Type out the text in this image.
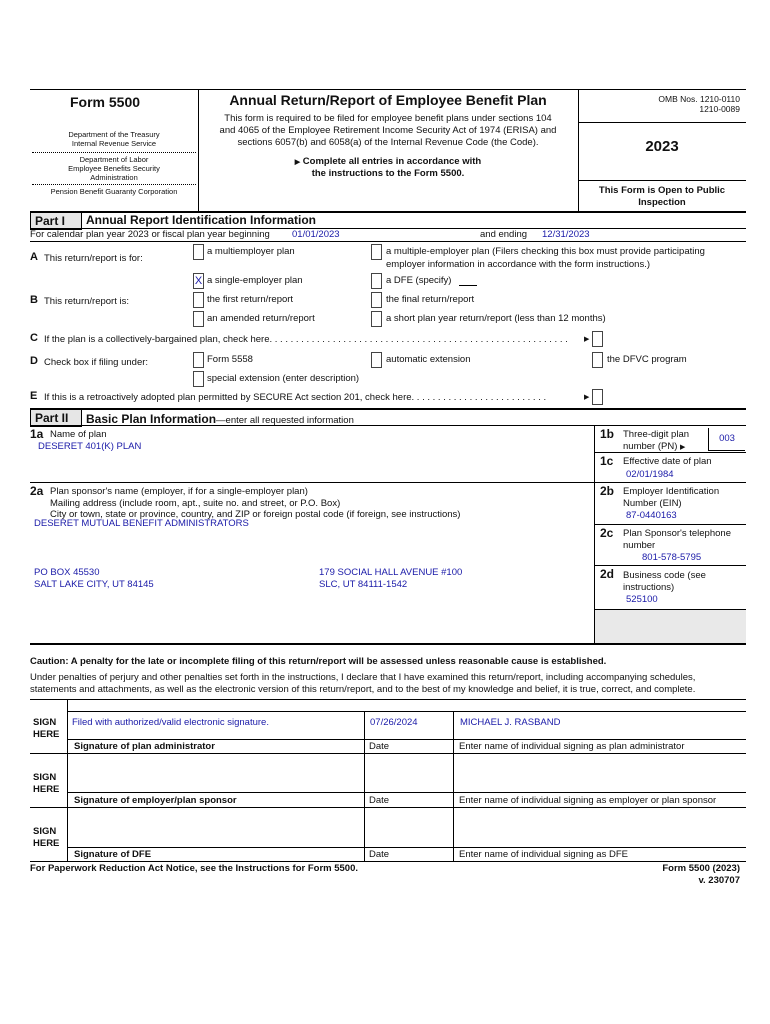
Form 5500
Department of the Treasury
Internal Revenue Service
Department of Labor
Employee Benefits Security
Administration
Pension Benefit Guaranty Corporation
Annual Return/Report of Employee Benefit Plan
This form is required to be filed for employee benefit plans under sections 104
and 4065 of the Employee Retirement Income Security Act of 1974 (ERISA) and
sections 6057(b) and 6058(a) of the Internal Revenue Code (the Code).
▶ Complete all entries in accordance with
the instructions to the Form 5500.
OMB Nos. 1210-0110
1210-0089
2023
This Form is Open to Public
Inspection
Part I	Annual Report Identification Information
For calendar plan year 2023 or fiscal plan year beginning 01/01/2023	and ending 12/31/2023
A This return/report is for:
a multiemployer plan	a multiple-employer plan (Filers checking this box must provide participating
employer information in accordance with the form instructions.)
X a single-employer plan	a DFE (specify)
B This return/report is:	the first return/report	the final return/report
an amended return/report	a short plan year return/report (less than 12 months)
C If the plan is a collectively-bargained plan, check here. . . . . . . . . . . . . . . . . . . . . . . . . . . . . . . . . . . . . . . . . . . . . . . . . . . . . . . . .	▶
D Check box if filing under:	Form 5558	automatic extension	the DFVC program
special extension (enter description)
E If this is a retroactively adopted plan permitted by SECURE Act section 201, check here. . . . . . . . . . . . . . . . . . . . . . . . . .	▶
Part II	Basic Plan Information—enter all requested information
1a Name of plan
DESERET 401(K) PLAN
1b Three-digit plan
number (PN) ▶
003
1c Effective date of plan
02/01/1984
2a Plan sponsor's name (employer, if for a single-employer plan)
Mailing address (include room, apt., suite no. and street, or P.O. Box)
City or town, state or province, country, and ZIP or foreign postal code (if foreign, see instructions)
DESERET MUTUAL BENEFIT ADMINISTRATORS
PO BOX 45530
SALT LAKE CITY, UT 84145
179 SOCIAL HALL AVENUE #100
SLC, UT 84111-1542
2b Employer Identification
Number (EIN)
87-0440163
2c Plan Sponsor's telephone
number
801-578-5795
2d Business code (see
instructions)
525100
Caution: A penalty for the late or incomplete filing of this return/report will be assessed unless reasonable cause is established.
Under penalties of perjury and other penalties set forth in the instructions, I declare that I have examined this return/report, including accompanying schedules,
statements and attachments, as well as the electronic version of this return/report, and to the best of my knowledge and belief, it is true, correct, and complete.
SIGN
HERE
Filed with authorized/valid electronic signature.	07/26/2024	MICHAEL J. RASBAND
Signature of plan administrator	Date	Enter name of individual signing as plan administrator
SIGN
HERE
Signature of employer/plan sponsor	Date	Enter name of individual signing as employer or plan sponsor
SIGN
HERE
Signature of DFE	Date	Enter name of individual signing as DFE
For Paperwork Reduction Act Notice, see the Instructions for Form 5500.	Form 5500 (2023)
v. 230707
